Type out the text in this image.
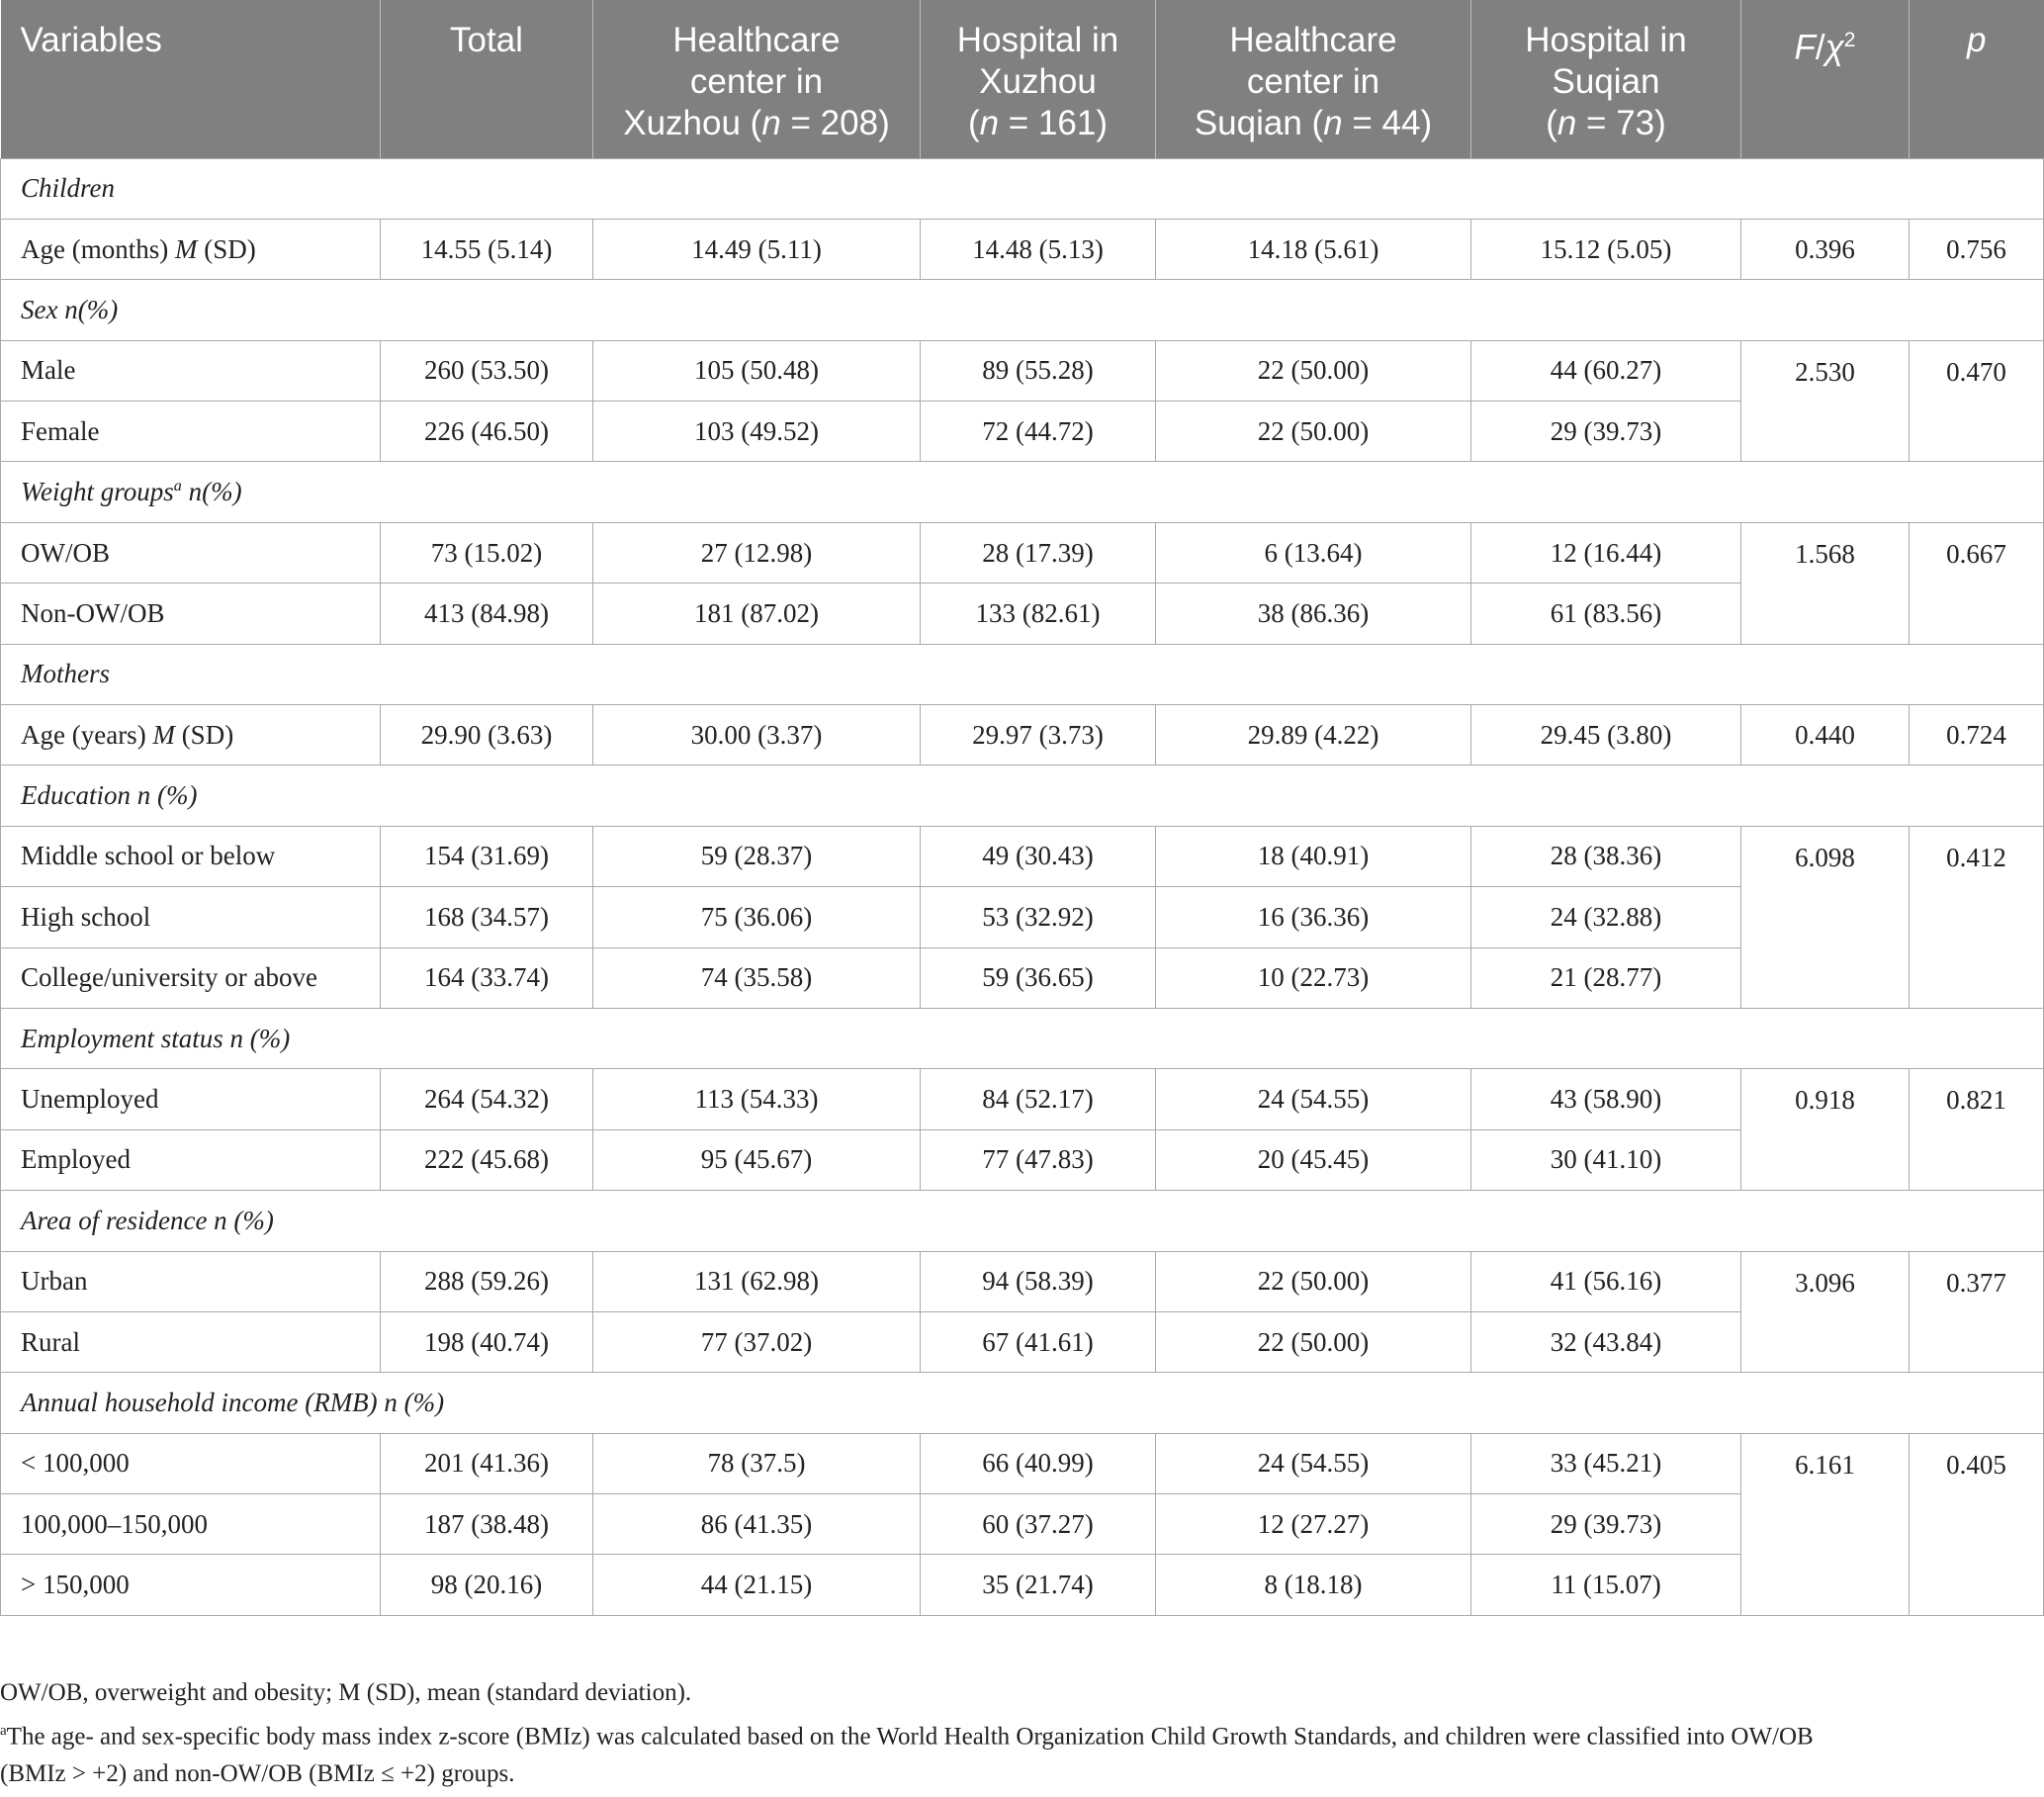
Variables	Total	Healthcare
center in
Xuzhou (n = 208)	Hospital in
Xuzhou
(n = 161)	Healthcare
center in
Suqian (n = 44)	Hospital in
Suqian
(n = 73)	$F/\chi^2$	p
Children							
Age (months) M (SD)	14.55 (5.14)	14.49 (5.11)	14.48 (5.13)	14.18 (5.61)	15.12 (5.05)	0.396	0.756
Sex n(%)							
Male	260 (53.50)	105 (50.48)	89 (55.28)	22 (50.00)	44 (60.27)	2.530	0.470
Female	226 (46.50)	103 (49.52)	72 (44.72)	22 (50.00)	29 (39.73)		
Weight groups$^a$ n(%)							
OW/OB	73 (15.02)	27 (12.98)	28 (17.39)	6 (13.64)	12 (16.44)	1.568	0.667
Non-OW/OB	413 (84.98)	181 (87.02)	133 (82.61)	38 (86.36)	61 (83.56)		
Mothers							
Age (years) M (SD)	29.90 (3.63)	30.00 (3.37)	29.97 (3.73)	29.89 (4.22)	29.45 (3.80)	0.440	0.724
Education n (%)							
Middle school or below	154 (31.69)	59 (28.37)	49 (30.43)	18 (40.91)	28 (38.36)	6.098	0.412
High school	168 (34.57)	75 (36.06)	53 (32.92)	16 (36.36)	24 (32.88)		
College/university or above	164 (33.74)	74 (35.58)	59 (36.65)	10 (22.73)	21 (28.77)		
Employment status n (%)							
Unemployed	264 (54.32)	113 (54.33)	84 (52.17)	24 (54.55)	43 (58.90)	0.918	0.821
Employed	222 (45.68)	95 (45.67)	77 (47.83)	20 (45.45)	30 (41.10)		
Area of residence n (%)							
Urban	288 (59.26)	131 (62.98)	94 (58.39)	22 (50.00)	41 (56.16)	3.096	0.377
Rural	198 (40.74)	77 (37.02)	67 (41.61)	22 (50.00)	32 (43.84)		
Annual household income (RMB) n (%)							
< 100,000	201 (41.36)	78 (37.5)	66 (40.99)	24 (54.55)	33 (45.21)	6.161	0.405
100,000–150,000	187 (38.48)	86 (41.35)	60 (37.27)	12 (27.27)	29 (39.73)		
> 150,000	98 (20.16)	44 (21.15)	35 (21.74)	8 (18.18)	11 (15.07)		

OW/OB, overweight and obesity; M (SD), mean (standard deviation).

$^a$The age- and sex-specific body mass index z-score (BMIz) was calculated based on the World Health Organization Child Growth Standards, and children were classified into OW/OB

(BMIz > +2) and non-OW/OB (BMIz ≤ +2) groups.
